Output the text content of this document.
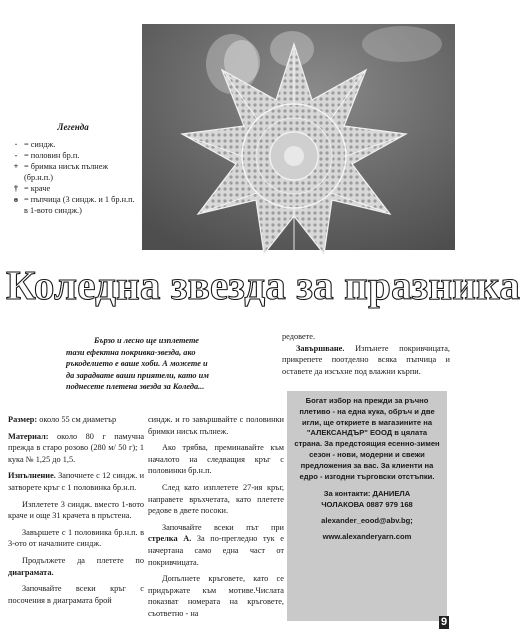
Легенда
· = синдж.
- = половин бр.п.
+ = бримка нисък пълнеж (бр.н.п.)
† = краче
ɵ = пъпчица (3 синдж. и 1 бр.н.п. в 1-вото синдж.)
Коледна звезда за празника
Бързо и лесно ще изплетете
тази ефектна покривка-звезда, ако
ръкоделието е ваше хоби. А можете и
да зарадвате ваши приятели, като им
поднесете плетена звезда за Коледа...
редовете.
Завършване. Изпънете покривчицата, прикрепете поотделно всяка пъпчица и оставете да изсъхне под влажни кърпи.

Размер: около 55 см диаметър

Материал: около 80 г памучна прежда в старо розово (280 м/ 50 г); 1 кука № 1,25 до 1,5.

Изпълнение. Започнете с 12 синдж. и затворете кръг с 1 половинка бр.н.п.

Изплетете 3 синдж. вместо 1-вото краче и още 31 крачета в пръстена.

Завършете с 1 половинка бр.н.п. в 3-ото от началните синдж.

Продължете да плетете по диаграмата.

Започвайте всеки кръг с посочения в диаграмата брой

синдж. и го завършвайте с половинки бримки нисък пълнеж.

Ако трябва, преминавайте към началото на следващия кръг с половинки бр.н.п.

След като изплетете 27-ия кръг, направете връхчетата, като плетете редове в двете посоки.

Започвайте всеки път при стрелка А. За по-прегледно тук е начертана само една част от покривчицата.

Допълнете кръговете, като се придържате към мотиве.Числата показват номерата на кръговете, съответно - на

Богат избор на прежди за ръчно плетиво - на една кука, обръч и две игли, ще откриете в магазините на "АЛЕКСАНДЪР" ЕООД в цялата страна. За предстоящия есенно-зимен сезон - нови, модерни и свежи предложения за вас. За клиенти на едро - изгодни търговски отстъпки.
За контакти: ДАНИЕЛА
ЧОЛАКОВА 0887 979 168
alexander_eood@abv.bg;
www.alexanderyarn.com
9
